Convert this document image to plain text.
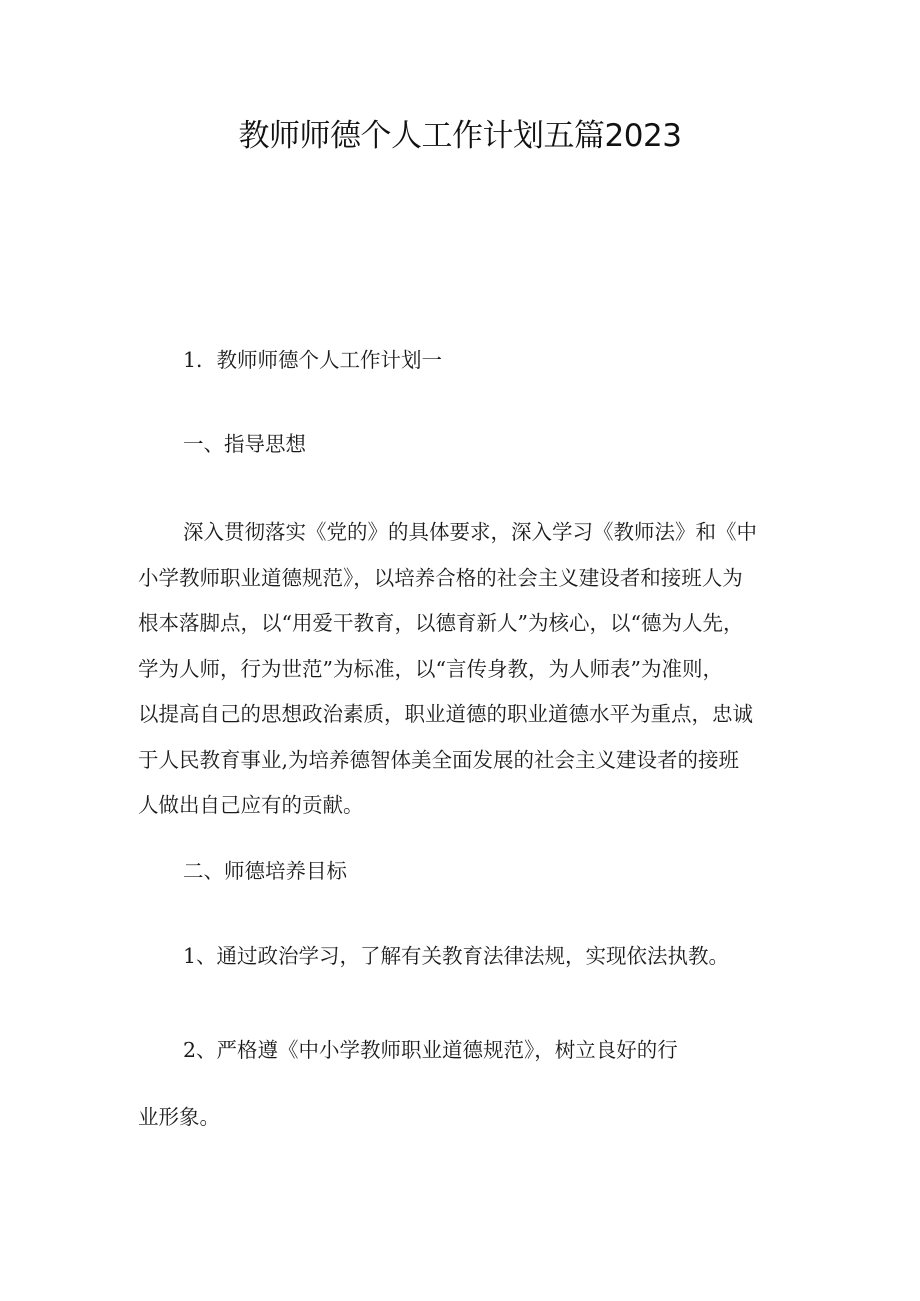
教师师德个人工作计划五篇2023
1．教师师德个人工作计划一
一、指导思想
深入贯彻落实《党的》的具体要求，深入学习《教师法》和《中
小学教师职业道德规范》，以培养合格的社会主义建设者和接班人为
根本落脚点，以“用爱干教育，以德育新人”为核心，以“德为人先，
学为人师，行为世范”为标准，以“言传身教，为人师表”为准则，
以提高自己的思想政治素质，职业道德的职业道德水平为重点，忠诚
于人民教育事业,为培养德智体美全面发展的社会主义建设者的接班
人做出自己应有的贡献。
二、师德培养目标
1、通过政治学习，了解有关教育法律法规，实现依法执教。
2、严格遵《中小学教师职业道德规范》，树立良好的行
业形象。
